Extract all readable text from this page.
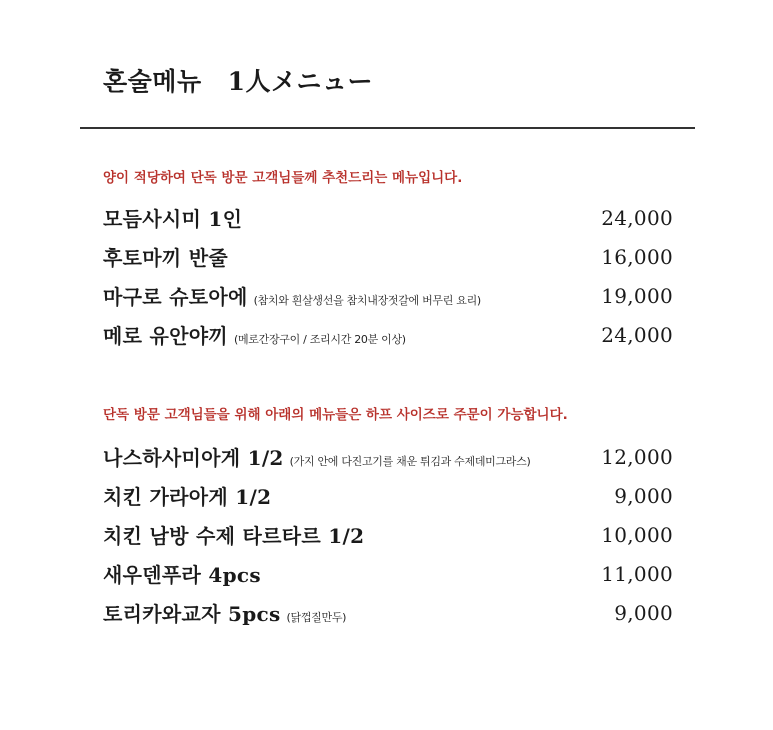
혼술메뉴 1人メニュー
양이 적당하여 단독 방문 고객님들께 추천드리는 메뉴입니다.
모듬사시미 1인	24,000
후토마끼 반줄	16,000
마구로 슈토아에 (참치와 흰살생선을 참치내장젓갈에 버무린 요리)	19,000
메로 유안야끼 (메로간장구이 / 조리시간 20분 이상)	24,000
단독 방문 고객님들을 위해 아래의 메뉴들은 하프 사이즈로 주문이 가능합니다.
나스하사미아게 1/2 (가지 안에 다진고기를 채운 튀김과 수제데미그라스)	12,000
치킨 가라아게 1/2	9,000
치킨 남방 수제 타르타르 1/2	10,000
새우덴푸라 4pcs	11,000
토리카와교자 5pcs (닭껍질만두)	9,000
